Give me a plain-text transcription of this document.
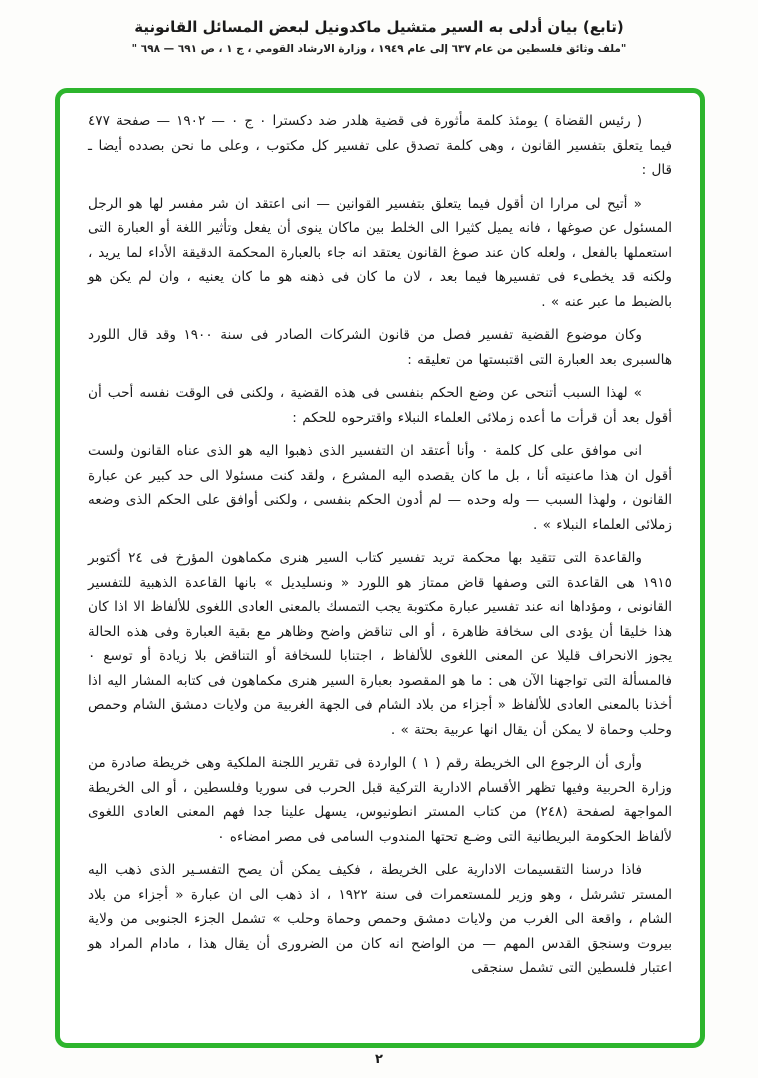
(تابع) بيان أدلى به السير متشيل ماكدونيل لبعض المسائل القانونية
"ملف وثائق فلسطين من عام ٦٣٧ إلى عام ١٩٤٩ ، وزارة الارشاد القومي ، ج ١ ، ص ٦٩١ — ٦٩٨ "

( رئيس القضاة ) يومئذ كلمة مأثورة فى قضية هلدر ضد دكسترا ٠ ج ٠ — ١٩٠٢ — صفحة ٤٧٧ فيما يتعلق بتفسير القانون ، وهى كلمة تصدق على تفسير كل مكتوب ، وعلى ما نحن بصدده أيضا ـ قال :

« أتيح لى مرارا ان أقول فيما يتعلق بتفسير القوانين — انى اعتقد ان شر مفسر لها هو الرجل المسئول عن صوغها ، فانه يميل كثيرا الى الخلط بين ماكان ينوى أن يفعل وتأثير اللغة أو العبارة التى استعملها بالفعل ، ولعله كان عند صوغ القانون يعتقد انه جاء بالعبارة المحكمة الدقيقة الأداء لما يريد ، ولكنه قد يخطىء فى تفسيرها فيما بعد ، لان ما كان فى ذهنه هو ما كان يعنيه ، وان لم يكن هو بالضبط ما عبر عنه » .

وكان موضوع القضية تفسير فصل من قانون الشركات الصادر فى سنة ١٩٠٠ وقد قال اللورد هالسبرى بعد العبارة التى اقتبستها من تعليقه :

» لهذا السبب أتنحى عن وضع الحكم بنفسى فى هذه القضية ، ولكنى فى الوقت نفسه أحب أن أقول بعد أن قرأت ما أعده زملائى العلماء النبلاء واقترحوه للحكم :

انى موافق على كل كلمة ٠ وأنا أعتقد ان التفسير الذى ذهبوا اليه هو الذى عناه القانون ولست أقول ان هذا ماعنيته أنا ، بل ما كان يقصده اليه المشرع ، ولقد كنت مسئولا الى حد كبير عن عبارة القانون ، ولهذا السبب — وله وحده — لم أدون الحكم بنفسى ، ولكنى أوافق على الحكم الذى وضعه زملائى العلماء النبلاء » .

والقاعدة التى تتقيد بها محكمة تريد تفسير كتاب السير هنرى مكماهون المؤرخ فى ٢٤ أكتوبر ١٩١٥ هى القاعدة التى وصفها قاض ممتاز هو اللورد « ونسليديل » بانها القاعدة الذهبية للتفسير القانونى ، ومؤداها انه عند تفسير عبارة مكتوبة يجب التمسك بالمعنى العادى اللغوى للألفاظ الا اذا كان هذا خليقا أن يؤدى الى سخافة ظاهرة ، أو الى تناقض واضح وظاهر مع بقية العبارة وفى هذه الحالة يجوز الانحراف قليلا عن المعنى اللغوى للألفاظ ، اجتنابا للسخافة أو التناقض بلا زيادة أو توسع ٠ فالمسألة التى تواجهنا الآن هى : ما هو المقصود بعبارة السير هنرى مكماهون فى كتابه المشار اليه اذا أخذنا بالمعنى العادى للألفاظ « أجزاء من بلاد الشام فى الجهة الغربية من ولايات دمشق الشام وحمص وحلب وحماة لا يمكن أن يقال انها عربية بحتة » .

وأرى أن الرجوع الى الخريطة رقم ( ١ ) الواردة فى تقرير اللجنة الملكية وهى خريطة صادرة من وزارة الحربية وفيها تظهر الأقسام الادارية التركية قبل الحرب فى سوريا وفلسطين ، أو الى الخريطة المواجهة لصفحة (٢٤٨) من كتاب المستر انطونيوس، يسهل علينا جدا فهم المعنى العادى اللغوى لألفاظ الحكومة البريطانية التى وضـع تحتها المندوب السامى فى مصر امضاءه ٠

فاذا درسنا التقسيمات الادارية على الخريطة ، فكيف يمكن أن يصح التفسـير الذى ذهب اليه المستر تشرشل ، وهو وزير للمستعمرات فى سنة ١٩٢٢ ، اذ ذهب الى ان عبارة « أجزاء من بلاد الشام ، واقعة الى الغرب من ولايات دمشق وحمص وحماة وحلب » تشمل الجزء الجنوبى من ولاية بيروت وسنجق القدس المهم — من الواضح انه كان من الضرورى أن يقال هذا ، مادام المراد هو اعتبار فلسطين التى تشمل سنجقى

٢
